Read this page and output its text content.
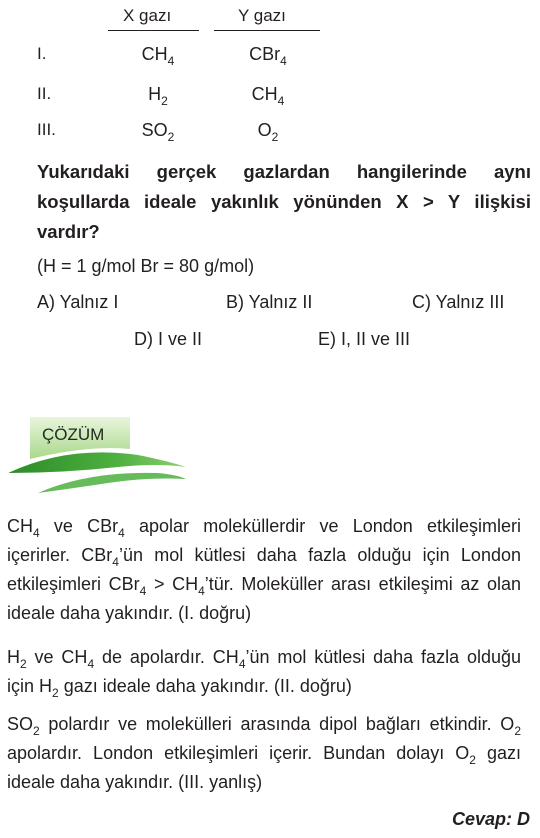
X gazı	Y gazı
I.	$CH_4$	CBr$_4$
II.	$H_2$	$CH_4$
III.	$SO_2$	$O_2$
Yukarıdaki gerçek gazlardan hangilerinde aynı koşullarda ideale yakınlık yönünden X > Y ilişkisi vardır?
(H = 1 g/mol Br = 80 g/mol)
A) Yalnız I	B) Yalnız II	C) Yalnız III
D) I ve II	E) I, II ve III
ÇÖZÜM

$CH_4$ ve CBr$_4$ apolar moleküllerdir ve London etkileşimleri içerirler. CBr$_4$’ün mol kütlesi daha fazla olduğu için London etkileşimleri $CBr_4 > CH_4’tür$. Moleküller arası etkileşimi az olan ideale daha yakındır. (I. doğru)

$H_2$ ve $CH_4$ de apolardır. $CH_4’ün$ mol kütlesi daha fazla olduğu için $H_2$ gazı ideale daha yakındır. (II. doğru)

$SO_2$ polardır ve molekülleri arasında dipol bağları etkindir. $O_2$ apolardır. London etkileşimleri içerir. Bundan dolayı $O_2$ gazı ideale daha yakındır. (III. yanlış)

Cevap: D
